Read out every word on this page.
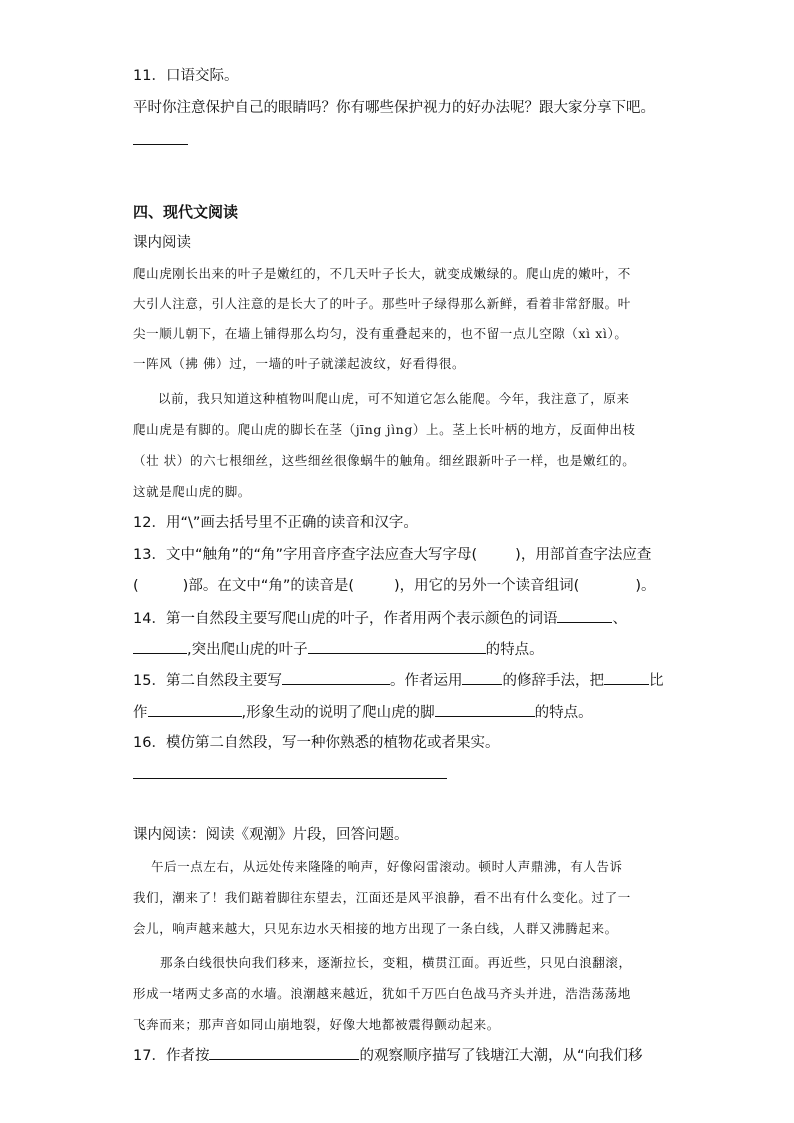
11．口语交际。
平时你注意保护自己的眼睛吗？你有哪些保护视力的好办法呢？跟大家分享下吧。
四、现代文阅读
课内阅读
爬山虎刚长出来的叶子是嫩红的，不几天叶子长大，就变成嫩绿的。爬山虎的嫩叶，不
大引人注意，引人注意的是长大了的叶子。那些叶子绿得那么新鲜，看着非常舒服。叶
尖一顺儿朝下，在墙上铺得那么均匀，没有重叠起来的，也不留一点儿空隙（xì xì）。
一阵风（拂 佛）过，一墙的叶子就漾起波纹，好看得很。
以前，我只知道这种植物叫爬山虎，可不知道它怎么能爬。今年，我注意了，原来
爬山虎是有脚的。爬山虎的脚长在茎（jīng jìng）上。茎上长叶柄的地方，反面伸出枝
（壮 状）的六七根细丝，这些细丝很像蜗牛的触角。细丝跟新叶子一样，也是嫩红的。
这就是爬山虎的脚。
12．用“\”画去括号里不正确的读音和汉字。
13．文中“触角”的“角”字用音序查字法应查大写字母(	)，用部首查字法应查
(	)部。在文中“角”的读音是(	)，用它的另外一个读音组词(	)。
14．第一自然段主要写爬山虎的叶子，作者用两个表示颜色的词语	、
,突出爬山虎的叶子	的特点。
15．第二自然段主要写	。作者运用	的修辞手法，把	比
作	,形象生动的说明了爬山虎的脚	的特点。
16．模仿第二自然段，写一种你熟悉的植物花或者果实。
课内阅读：阅读《观潮》片段，回答问题。
午后一点左右，从远处传来隆隆的响声，好像闷雷滚动。顿时人声鼎沸，有人告诉
我们，潮来了！我们踮着脚往东望去，江面还是风平浪静，看不出有什么变化。过了一
会儿，响声越来越大，只见东边水天相接的地方出现了一条白线，人群又沸腾起来。
那条白线很快向我们移来，逐渐拉长，变粗，横贯江面。再近些，只见白浪翻滚，
形成一堵两丈多高的水墙。浪潮越来越近，犹如千万匹白色战马齐头并进，浩浩荡荡地
飞奔而来；那声音如同山崩地裂，好像大地都被震得颤动起来。
17．作者按	的观察顺序描写了钱塘江大潮，从“向我们移
